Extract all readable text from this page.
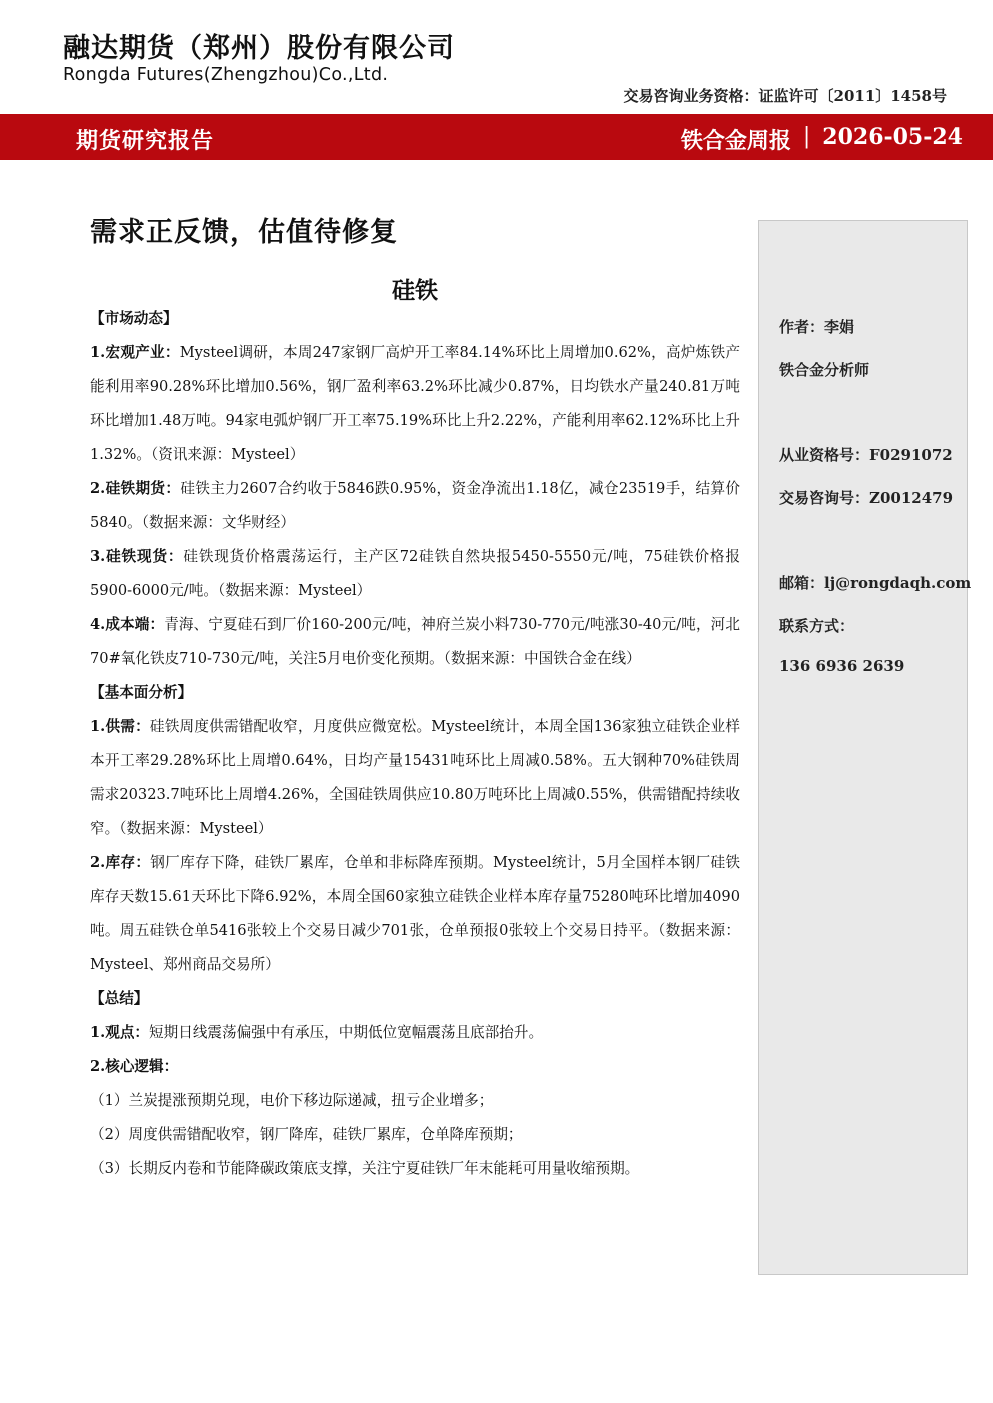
融达期货（郑州）股份有限公司
Rongda Futures(Zhengzhou)Co.,Ltd.
交易咨询业务资格：证监许可〔2011〕1458号
期货研究报告	铁合金周报 | 2026-05-24
需求正反馈，估值待修复
硅铁

【市场动态】

1.宏观产业：Mysteel调研，本周247家钢厂高炉开工率84.14%环比上周增加0.62%，高炉炼铁产能利用率90.28%环比增加0.56%，钢厂盈利率63.2%环比减少0.87%，日均铁水产量240.81万吨环比增加1.48万吨。94家电弧炉钢厂开工率75.19%环比上升2.22%，产能利用率62.12%环比上升1.32%。（资讯来源：Mysteel）

2.硅铁期货：硅铁主力2607合约收于5846跌0.95%，资金净流出1.18亿，减仓23519手，结算价5840。（数据来源：文华财经）

3.硅铁现货：硅铁现货价格震荡运行，主产区72硅铁自然块报5450-5550元/吨，75硅铁价格报5900-6000元/吨。（数据来源：Mysteel）

4.成本端：青海、宁夏硅石到厂价160-200元/吨，神府兰炭小料730-770元/吨涨30-40元/吨，河北70#氧化铁皮710-730元/吨，关注5月电价变化预期。（数据来源：中国铁合金在线）

【基本面分析】

1.供需：硅铁周度供需错配收窄，月度供应微宽松。Mysteel统计，本周全国136家独立硅铁企业样本开工率29.28%环比上周增0.64%，日均产量15431吨环比上周减0.58%。五大钢种70%硅铁周需求20323.7吨环比上周增4.26%，全国硅铁周供应10.80万吨环比上周减0.55%，供需错配持续收窄。（数据来源：Mysteel）

2.库存：钢厂库存下降，硅铁厂累库，仓单和非标降库预期。Mysteel统计，5月全国样本钢厂硅铁库存天数15.61天环比下降6.92%，本周全国60家独立硅铁企业样本库存量75280吨环比增加4090吨。周五硅铁仓单5416张较上个交易日减少701张，仓单预报0张较上个交易日持平。（数据来源：Mysteel、郑州商品交易所）

【总结】

1.观点：短期日线震荡偏强中有承压，中期低位宽幅震荡且底部抬升。

2.核心逻辑：

（1）兰炭提涨预期兑现，电价下移边际递减，扭亏企业增多；

（2）周度供需错配收窄，钢厂降库，硅铁厂累库，仓单降库预期；

（3）长期反内卷和节能降碳政策底支撑，关注宁夏硅铁厂年末能耗可用量收缩预期。

作者：李娟
铁合金分析师
从业资格号：F0291072
交易咨询号：Z0012479
邮箱：lj@rongdaqh.com
联系方式：
136 6936 2639
